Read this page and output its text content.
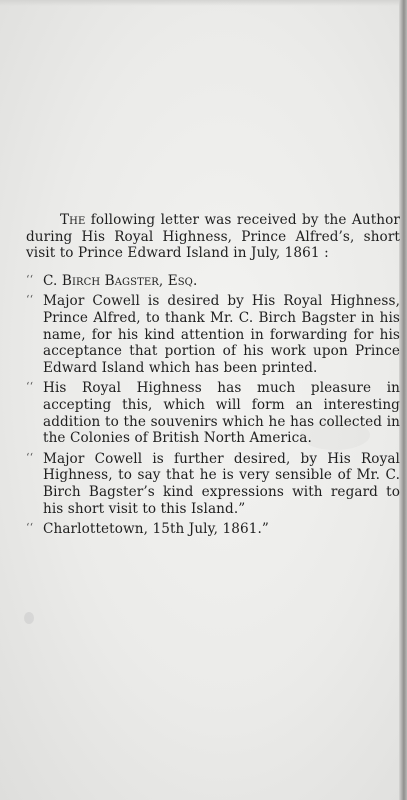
The following letter was received by the Author during His Royal Highness, Prince Alfred’s, short visit to Prince Edward Island in July, 1861 :

‘‘ C. Birch Bagster, Esq.
‘‘ Major Cowell is desired by His Royal Highness, Prince Alfred, to thank Mr. C. Birch Bagster in his name, for his kind attention in forwarding for his acceptance that portion of his work upon Prince Edward Island which has been printed.
‘‘ His Royal Highness has much pleasure in accepting this, which will form an interesting addition to the souvenirs which he has collected in the Colonies of British North America.
‘‘ Major Cowell is further desired, by His Royal Highness, to say that he is very sensible of Mr. C. Birch Bagster’s kind expressions with regard to his short visit to this Island.”
‘‘ Charlottetown, 15th July, 1861.”
